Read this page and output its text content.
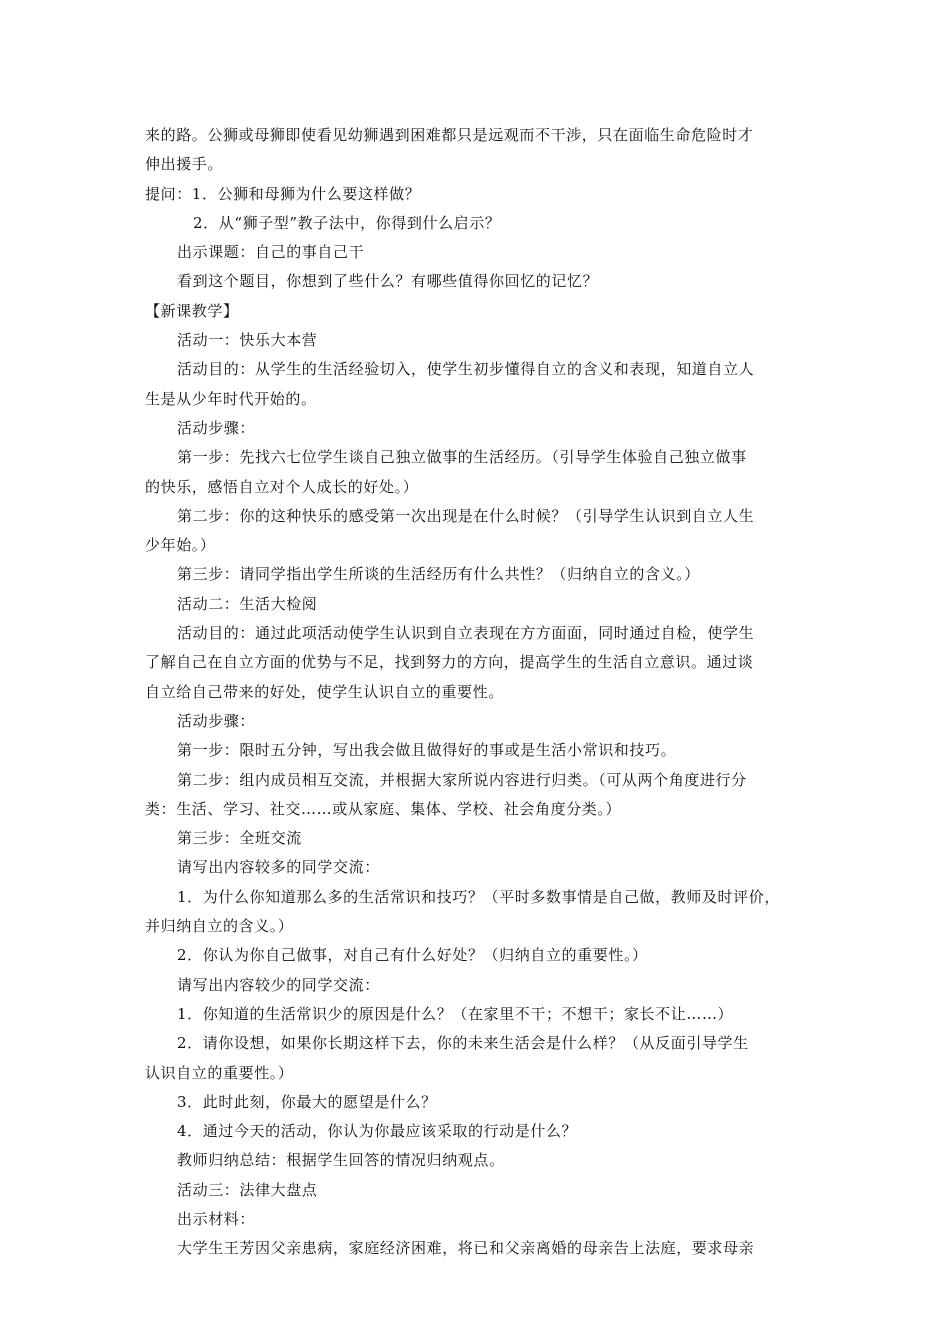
来的路。公狮或母狮即使看见幼狮遇到困难都只是远观而不干涉，只在面临生命危险时才
伸出援手。
提问：1．公狮和母狮为什么要这样做？
2．从“狮子型”教子法中，你得到什么启示？
出示课题：自己的事自己干
看到这个题目，你想到了些什么？有哪些值得你回忆的记忆？
【新课教学】
活动一：快乐大本营
活动目的：从学生的生活经验切入，使学生初步懂得自立的含义和表现，知道自立人
生是从少年时代开始的。
活动步骤：
第一步：先找六七位学生谈自己独立做事的生活经历。（引导学生体验自己独立做事
的快乐，感悟自立对个人成长的好处。）
第二步：你的这种快乐的感受第一次出现是在什么时候？（引导学生认识到自立人生
少年始。）
第三步：请同学指出学生所谈的生活经历有什么共性？（归纳自立的含义。）
活动二：生活大检阅
活动目的：通过此项活动使学生认识到自立表现在方方面面，同时通过自检，使学生
了解自己在自立方面的优势与不足，找到努力的方向，提高学生的生活自立意识。通过谈
自立给自己带来的好处，使学生认识自立的重要性。
活动步骤：
第一步：限时五分钟，写出我会做且做得好的事或是生活小常识和技巧。
第二步：组内成员相互交流，并根据大家所说内容进行归类。（可从两个角度进行分
类：生活、学习、社交……或从家庭、集体、学校、社会角度分类。）
第三步：全班交流
请写出内容较多的同学交流：
1．为什么你知道那么多的生活常识和技巧？（平时多数事情是自己做，教师及时评价，
并归纳自立的含义。）
2．你认为你自己做事，对自己有什么好处？（归纳自立的重要性。）
请写出内容较少的同学交流：
1．你知道的生活常识少的原因是什么？（在家里不干；不想干；家长不让……）
2．请你设想，如果你长期这样下去，你的未来生活会是什么样？（从反面引导学生
认识自立的重要性。）
3．此时此刻，你最大的愿望是什么？
4．通过今天的活动，你认为你最应该采取的行动是什么？
教师归纳总结：根据学生回答的情况归纳观点。
活动三：法律大盘点
出示材料：
大学生王芳因父亲患病，家庭经济困难，将已和父亲离婚的母亲告上法庭，要求母亲
